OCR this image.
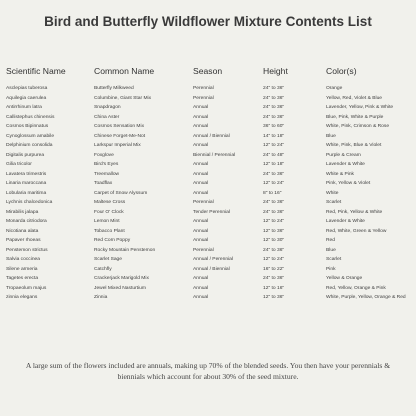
Bird and Butterfly Wildflower Mixture Contents List
Scientific Name	Common Name	Season	Height	Color(s)
Asclepias tuberosa	Butterfly Milkweed	Perennial	24" to 36"	Orange
Aquilegia caerulea	Columbine, Giant Star Mix	Perennial	24" to 36"	Yellow, Red, Violet & Blue
Antirrhinum latra	Snapdragon	Annual	24" to 36"	Lavender, Yellow, Pink & White
Callistephus chinensis	China Aster	Annual	24" to 36"	Blue, Pink, White & Purple
Cosmos Bipinnatus	Cosmos Sensation Mix	Annual	36" to 60"	White, Pink, Crimson & Rose
Cynoglossum amabile	Chinese Forget-Me-Not	Annual / Biennial	14" to 18"	Blue
Delphinium consolida	Larkspur Imperial Mix	Annual	12" to 24"	White, Pink, Blue & Violet
Digitalis purpurea	Foxglove	Biennial / Perennial	24" to 48"	Purple & Cream
Gilia tricolor	Bird's Eyes	Annual	12" to 18"	Lavender & White
Lavatera trimestris	Treemallow	Annual	24" to 36"	White & Pink
Linaria maroccana	Toadflax	Annual	12" to 24"	Pink, Yellow & Violet
Lobularia maritima	Carpet of Snow Alyssum	Annual	8" to 16"	White
Lychnis chalcedonica	Maltese Cross	Perennial	24" to 36"	Scarlet
Mirabilis jalapa	Four O' Clock	Tender Perennial	24" to 36"	Red, Pink, Yellow & White
Monarda citriodora	Lemon Mint	Annual	12" to 24"	Lavender & White
Nicotiana alata	Tobacco Plant	Annual	12" to 36"	Red, White, Green & Yellow
Papaver rhoeas	Red Corn Poppy	Annual	12" to 30"	Red
Penstemon strictus	Rocky Mountain Penstemon	Perennial	24" to 36"	Blue
Salvia coccinea	Scarlet Sage	Annual / Perennial	12" to 24"	Scarlet
Silene armeria	Catchfly	Annual / Biennial	16" to 22"	Pink
Tagetes erecta	Crackerjack Marigold Mix	Annual	24" to 36"	Yellow & Orange
Tropaeolum majus	Jewel Mixed Nasturtium	Annual	12" to 16"	Red, Yellow, Orange & Pink
zinnia elegans	Zinnia	Annual	12" to 36"	White, Purple, Yellow, Orange & Red
A large sum of the flowers included are annuals, making up 70% of the blended seeds. You then have your perennials & biennials which account for about 30% of the seed mixture.
